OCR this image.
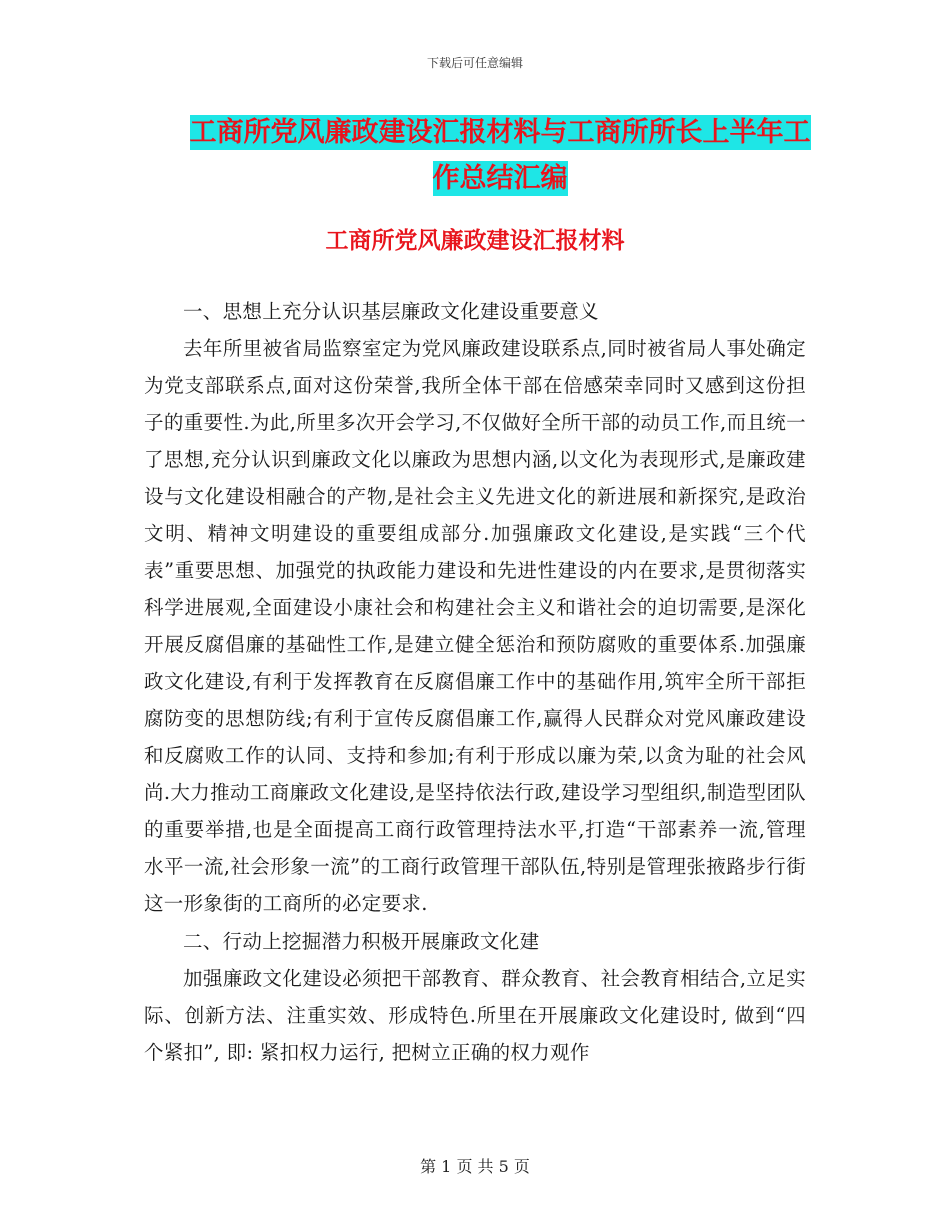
下载后可任意编辑
工商所党风廉政建设汇报材料与工商所所长上半年工
作总结汇编
工商所党风廉政建设汇报材料

一、思想上充分认识基层廉政文化建设重要意义

去年所里被省局监察室定为党风廉政建设联系点,同时被省局人事处确定为党支部联系点,面对这份荣誉,我所全体干部在倍感荣幸同时又感到这份担子的重要性.为此,所里多次开会学习,不仅做好全所干部的动员工作,而且统一了思想,充分认识到廉政文化以廉政为思想内涵,以文化为表现形式,是廉政建设与文化建设相融合的产物,是社会主义先进文化的新进展和新探究,是政治文明、精神文明建设的重要组成部分.加强廉政文化建设,是实践“三个代表”重要思想、加强党的执政能力建设和先进性建设的内在要求,是贯彻落实科学进展观,全面建设小康社会和构建社会主义和谐社会的迫切需要,是深化开展反腐倡廉的基础性工作,是建立健全惩治和预防腐败的重要体系.加强廉政文化建设,有利于发挥教育在反腐倡廉工作中的基础作用,筑牢全所干部拒腐防变的思想防线;有利于宣传反腐倡廉工作,赢得人民群众对党风廉政建设和反腐败工作的认同、支持和参加;有利于形成以廉为荣,以贪为耻的社会风尚.大力推动工商廉政文化建设,是坚持依法行政,建设学习型组织,制造型团队的重要举措,也是全面提高工商行政管理持法水平,打造“干部素养一流,管理水平一流,社会形象一流”的工商行政管理干部队伍,特别是管理张掖路步行街这一形象街的工商所的必定要求.

二、行动上挖掘潜力积极开展廉政文化建

加强廉政文化建设必须把干部教育、群众教育、社会教育相结合,立足实际、创新方法、注重实效、形成特色.所里在开展廉政文化建设时, 做到“四个紧扣”, 即: 紧扣权力运行, 把树立正确的权力观作

第 1 页 共 5 页
